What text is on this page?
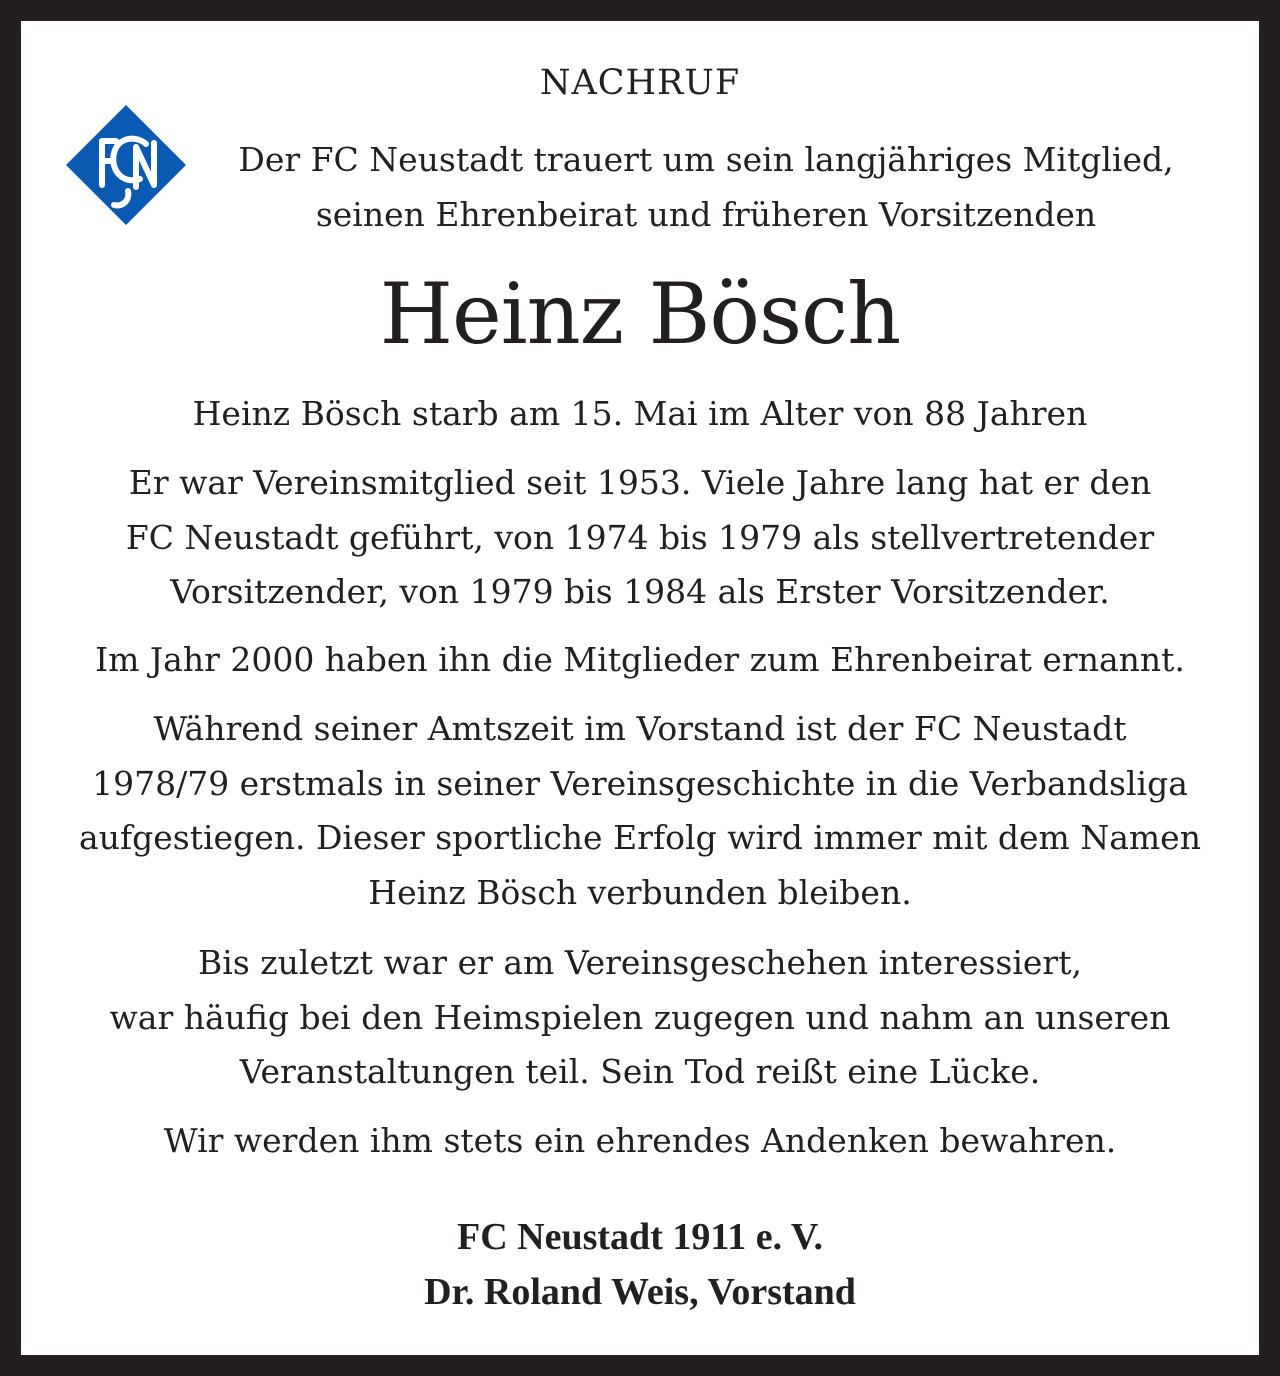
NACHRUF
Der FC Neustadt trauert um sein langjähriges Mitglied,
seinen Ehrenbeirat und früheren Vorsitzenden
Heinz Bösch
Heinz Bösch starb am 15. Mai im Alter von 88 Jahren
Er war Vereinsmitglied seit 1953. Viele Jahre lang hat er den
FC Neustadt geführt, von 1974 bis 1979 als stellvertretender
Vorsitzender, von 1979 bis 1984 als Erster Vorsitzender.
Im Jahr 2000 haben ihn die Mitglieder zum Ehrenbeirat ernannt.
Während seiner Amtszeit im Vorstand ist der FC Neustadt
1978/79 erstmals in seiner Vereinsgeschichte in die Verbandsliga
aufgestiegen. Dieser sportliche Erfolg wird immer mit dem Namen
Heinz Bösch verbunden bleiben.
Bis zuletzt war er am Vereinsgeschehen interessiert,
war häufig bei den Heimspielen zugegen und nahm an unseren
Veranstaltungen teil. Sein Tod reißt eine Lücke.
Wir werden ihm stets ein ehrendes Andenken bewahren.
FC Neustadt 1911 e. V.
Dr. Roland Weis, Vorstand
